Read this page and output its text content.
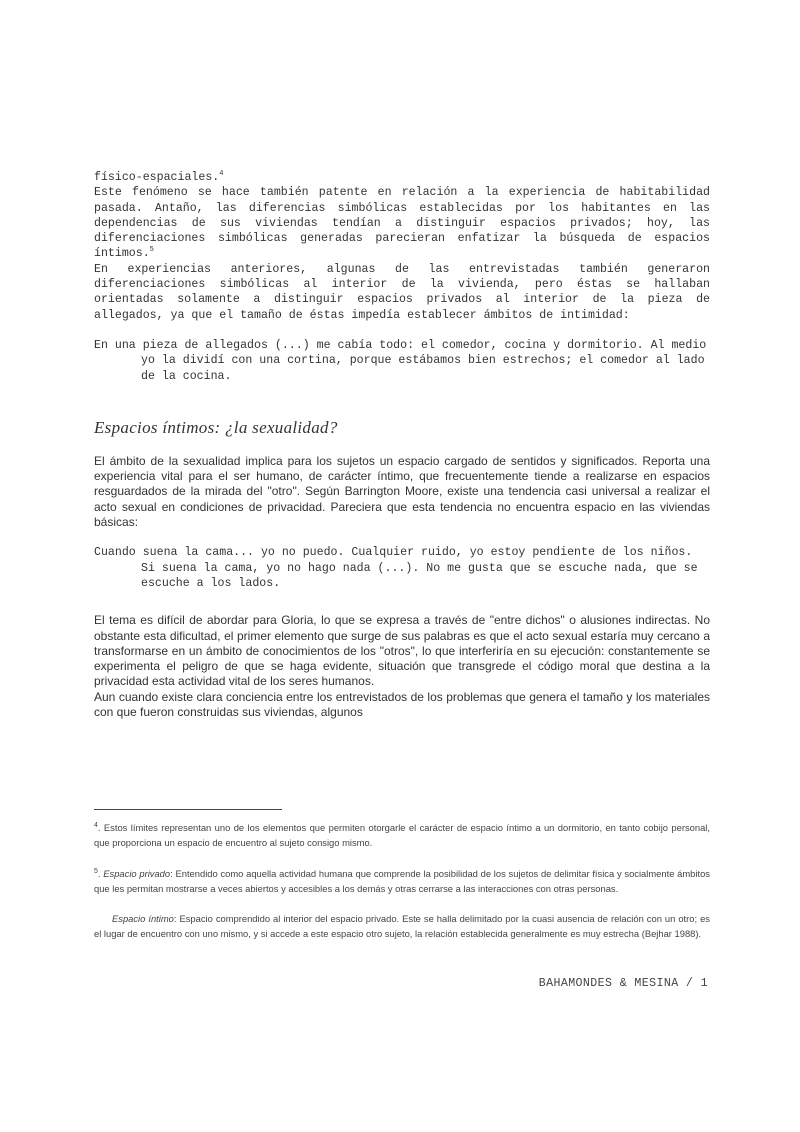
físico-espaciales.$^4$

Este fenómeno se hace también patente en relación a la experiencia de habitabilidad pasada. Antaño, las diferencias simbólicas establecidas por los habitantes en las dependencias de sus viviendas tendían a distinguir espacios privados; hoy, las diferenciaciones simbólicas generadas parecieran enfatizar la búsqueda de espacios íntimos.$^5$

En experiencias anteriores, algunas de las entrevistadas también generaron diferenciaciones simbólicas al interior de la vivienda, pero éstas se hallaban orientadas solamente a distinguir espacios privados al interior de la pieza de allegados, ya que el tamaño de éstas impedía establecer ámbitos de intimidad:

En una pieza de allegados (...) me cabía todo: el comedor, cocina y dormitorio. Al medio yo la dividí con una cortina, porque estábamos bien estrechos; el comedor al lado de la cocina.

Espacios íntimos: ¿la sexualidad?

El ámbito de la sexualidad implica para los sujetos un espacio cargado de sentidos y significados. Reporta una experiencia vital para el ser humano, de carácter íntimo, que frecuentemente tiende a realizarse en espacios resguardados de la mirada del "otro". Según Barrington Moore, existe una tendencia casi universal a realizar el acto sexual en condiciones de privacidad. Pareciera que esta tendencia no encuentra espacio en las viviendas básicas:

Cuando suena la cama... yo no puedo. Cualquier ruido, yo estoy pendiente de los niños. Si suena la cama, yo no hago nada (...). No me gusta que se escuche nada, que se escuche a los lados.

El tema es difícil de abordar para Gloria, lo que se expresa a través de "entre dichos" o alusiones indirectas. No obstante esta dificultad, el primer elemento que surge de sus palabras es que el acto sexual estaría muy cercano a transformarse en un ámbito de conocimientos de los "otros", lo que interferiría en su ejecución: constantemente se experimenta el peligro de que se haga evidente, situación que transgrede el código moral que destina a la privacidad esta actividad vital de los seres humanos.

Aun cuando existe clara conciencia entre los entrevistados de los problemas que genera el tamaño y los materiales con que fueron construidas sus viviendas, algunos

$^4$. Estos límites representan uno de los elementos que permiten otorgarle el carácter de espacio íntimo a un dormitorio, en tanto cobijo personal, que proporciona un espacio de encuentro al sujeto consigo mismo.
$^5$. Espacio privado: Entendido como aquella actividad humana que comprende la posibilidad de los sujetos de delimitar física y socialmente ámbitos que les permitan mostrarse a veces abiertos y accesibles a los demás y otras cerrarse a las interacciones con otras personas.
Espacio íntimo: Espacio comprendido al interior del espacio privado. Este se halla delimitado por la cuasi ausencia de relación con un otro; es el lugar de encuentro con uno mismo, y si accede a este espacio otro sujeto, la relación establecida generalmente es muy estrecha (Bejhar 1988).
BAHAMONDES & MESINA / 1
